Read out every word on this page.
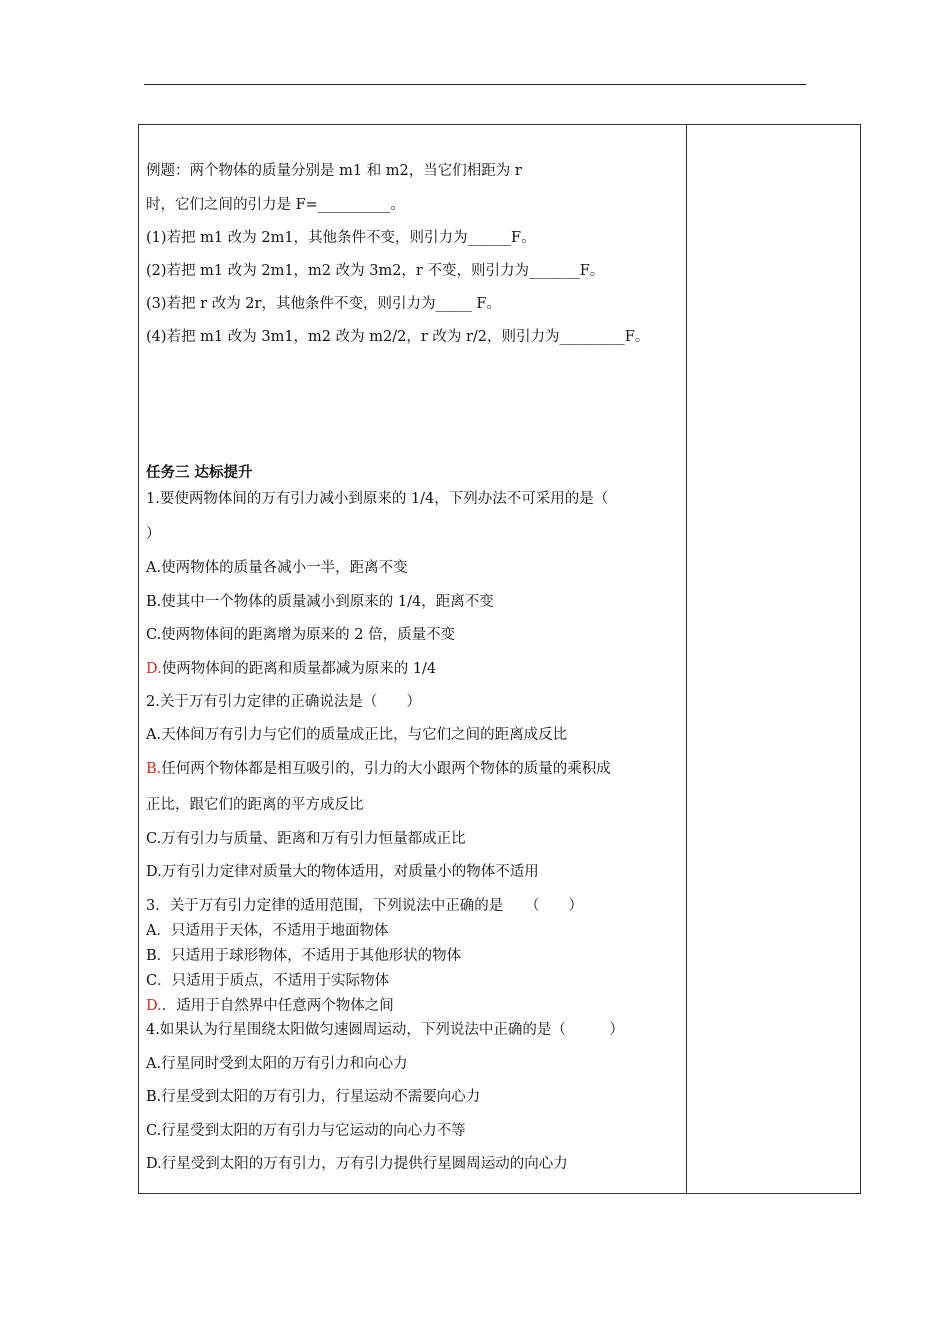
例题：两个物体的质量分别是 m1 和 m2，当它们相距为 r
时，它们之间的引力是 F=__________。
(1)若把 m1 改为 2m1，其他条件不变，则引力为______F。
(2)若把 m1 改为 2m1，m2 改为 3m2，r 不变，则引力为_______F。
(3)若把 r 改为 2r，其他条件不变，则引力为_____ F。
(4)若把 m1 改为 3m1，m2 改为 m2/2，r 改为 r/2，则引力为_________F。
任务三 达标提升
1.要使两物体间的万有引力减小到原来的 1/4，下列办法不可采用的是（
）
A.使两物体的质量各减小一半，距离不变
B.使其中一个物体的质量减小到原来的 1/4，距离不变
C.使两物体间的距离增为原来的 2 倍，质量不变
D.使两物体间的距离和质量都减为原来的 1/4
2.关于万有引力定律的正确说法是（　　）
A.天体间万有引力与它们的质量成正比，与它们之间的距离成反比
B.任何两个物体都是相互吸引的，引力的大小跟两个物体的质量的乘积成
正比，跟它们的距离的平方成反比
C.万有引力与质量、距离和万有引力恒量都成正比
D.万有引力定律对质量大的物体适用，对质量小的物体不适用
3．关于万有引力定律的适用范围，下列说法中正确的是　　（　　）
A．只适用于天体，不适用于地面物体
B．只适用于球形物体，不适用于其他形状的物体
C．只适用于质点，不适用于实际物体
D.．适用于自然界中任意两个物体之间
4.如果认为行星围绕太阳做匀速圆周运动，下列说法中正确的是（　　　）
A.行星同时受到太阳的万有引力和向心力
B.行星受到太阳的万有引力，行星运动不需要向心力
C.行星受到太阳的万有引力与它运动的向心力不等
D.行星受到太阳的万有引力，万有引力提供行星圆周运动的向心力
